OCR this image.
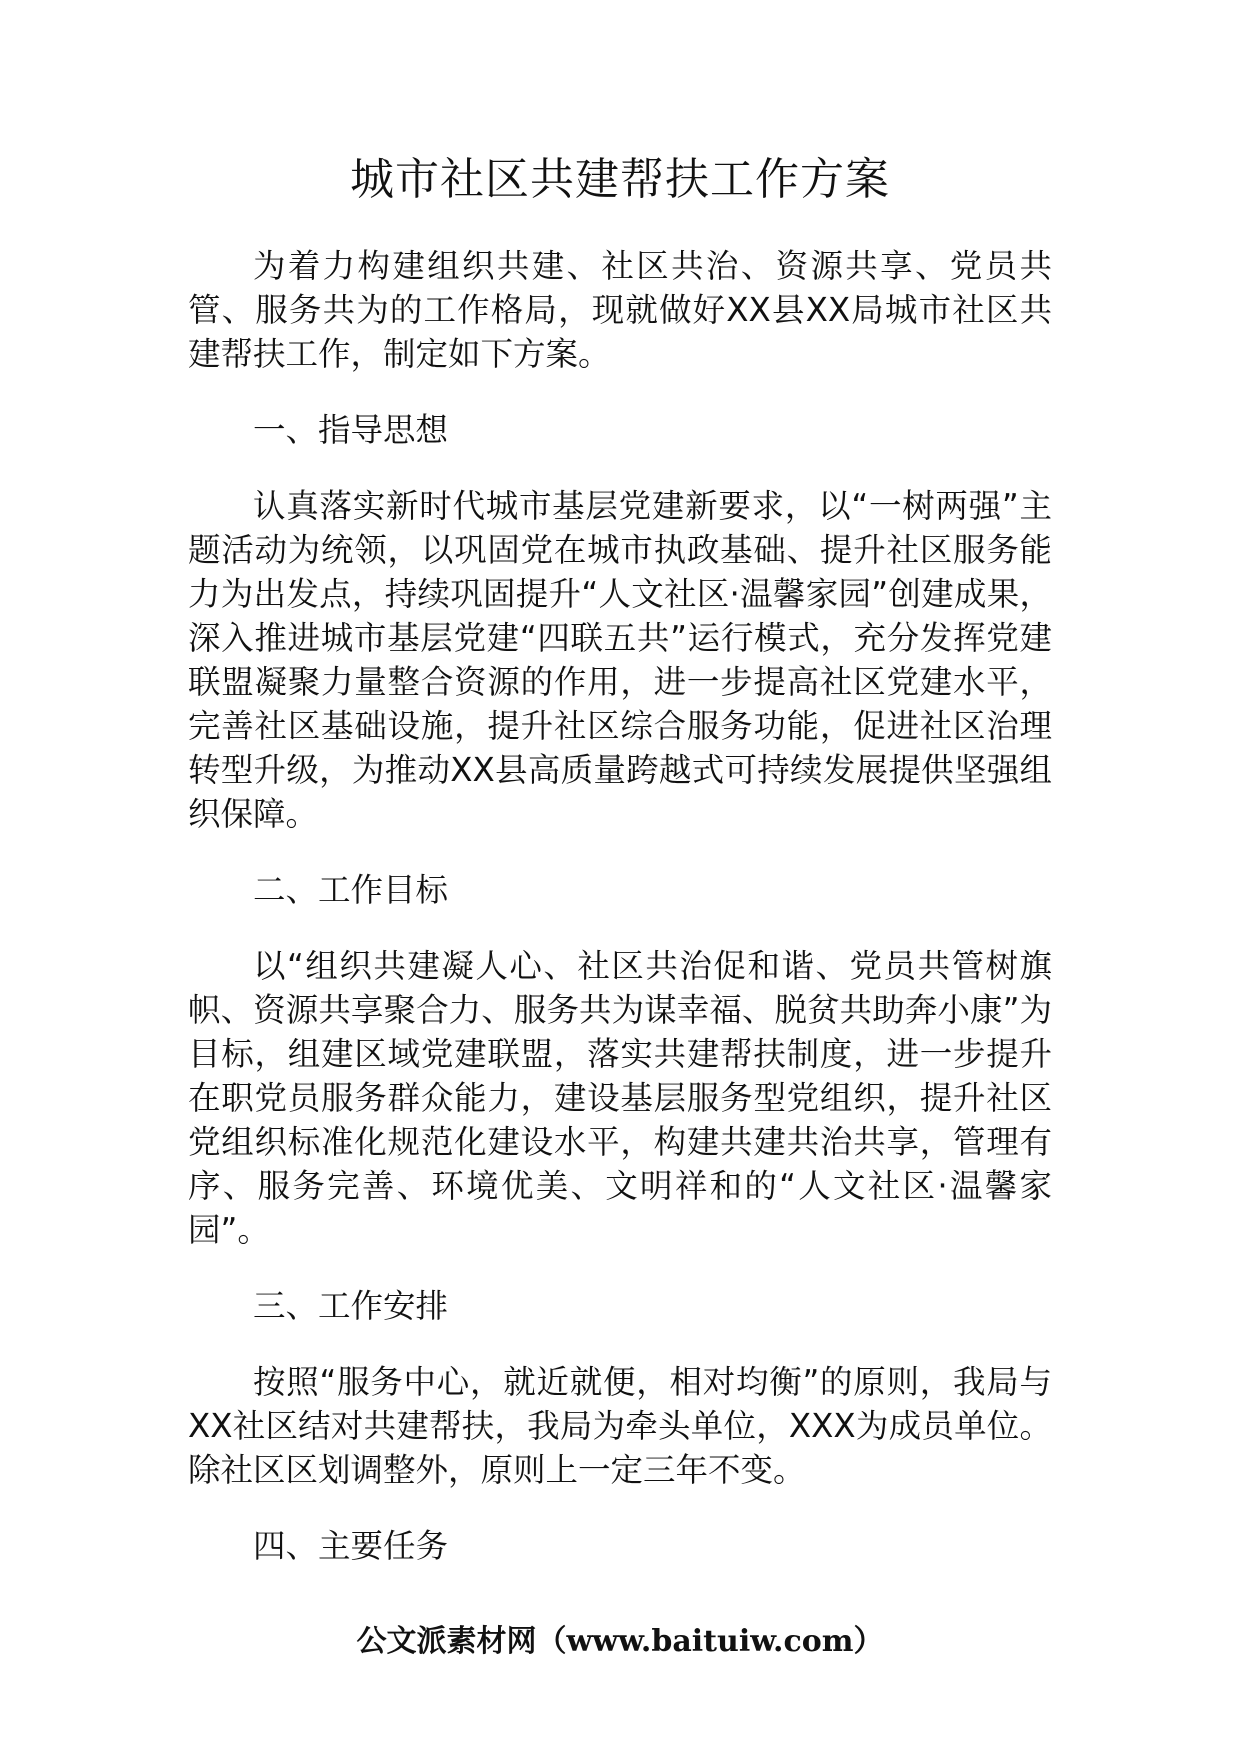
城市社区共建帮扶工作方案

为着力构建组织共建、社区共治、资源共享、党员共管、服务共为的工作格局，现就做好XX县XX局城市社区共建帮扶工作，制定如下方案。

一、指导思想

认真落实新时代城市基层党建新要求，以“一树两强”主题活动为统领，以巩固党在城市执政基础、提升社区服务能力为出发点，持续巩固提升“人文社区·温馨家园”创建成果，深入推进城市基层党建“四联五共”运行模式，充分发挥党建联盟凝聚力量整合资源的作用，进一步提高社区党建水平，完善社区基础设施，提升社区综合服务功能，促进社区治理转型升级，为推动XX县高质量跨越式可持续发展提供坚强组织保障。

二、工作目标

以“组织共建凝人心、社区共治促和谐、党员共管树旗帜、资源共享聚合力、服务共为谋幸福、脱贫共助奔小康”为目标，组建区域党建联盟，落实共建帮扶制度，进一步提升在职党员服务群众能力，建设基层服务型党组织，提升社区党组织标准化规范化建设水平，构建共建共治共享，管理有序、服务完善、环境优美、文明祥和的“人文社区·温馨家园”。

三、工作安排

按照“服务中心，就近就便，相对均衡”的原则，我局与XX社区结对共建帮扶，我局为牵头单位，XXX为成员单位。除社区区划调整外，原则上一定三年不变。

四、主要任务

公文派素材网（www.baituiw.com）
